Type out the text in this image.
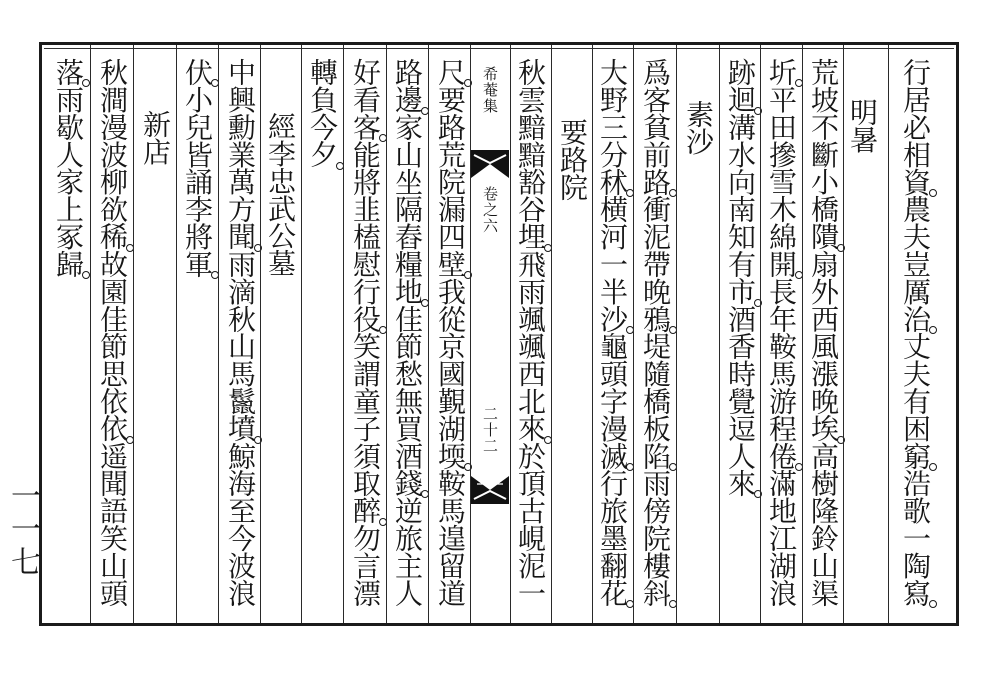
行居必相資
農夫豈厲治
丈夫有困窮
浩歌一陶寫
明暑
荒坡不斷小橋隤
扇外西風漲晚埃
高樹隆鈴山渠
圻
平田摻雪木綿開
長年鞍馬游程倦
滿地江湖浪
跡迴
溝水向南知有市
酒香時覺逗人來
素沙
爲客貧前路
衝泥帶晚鴉
堤隨橋板陷
雨傍院樓斜
大野三分秫
横河一半沙
龜頭字漫滅
行旅墨翻花
要路院
秋雲黯黯豁谷埋
飛雨颯颯西北來
於頂古峴泥一
希菴集
卷之六
二十二
尺
要路荒院漏四壁
我從京國覲湖堧
鞍馬遑留道
路邊
家山坐隔舂糧地
佳節愁無買酒錢
逆旅主人
好看客
能將韭榼慰行役
笑謂童子須取醉
勿言漂
轉負今夕
經李忠武公墓
中興勳業萬方聞
雨滴秋山馬鬣墳
鯨海至今波浪
伏
小兒皆誦李將軍
新店
秋澗漫波柳欲稀
故園佳節思依依
遥聞語笑山頭
落
雨歇人家上冢歸
一一七
